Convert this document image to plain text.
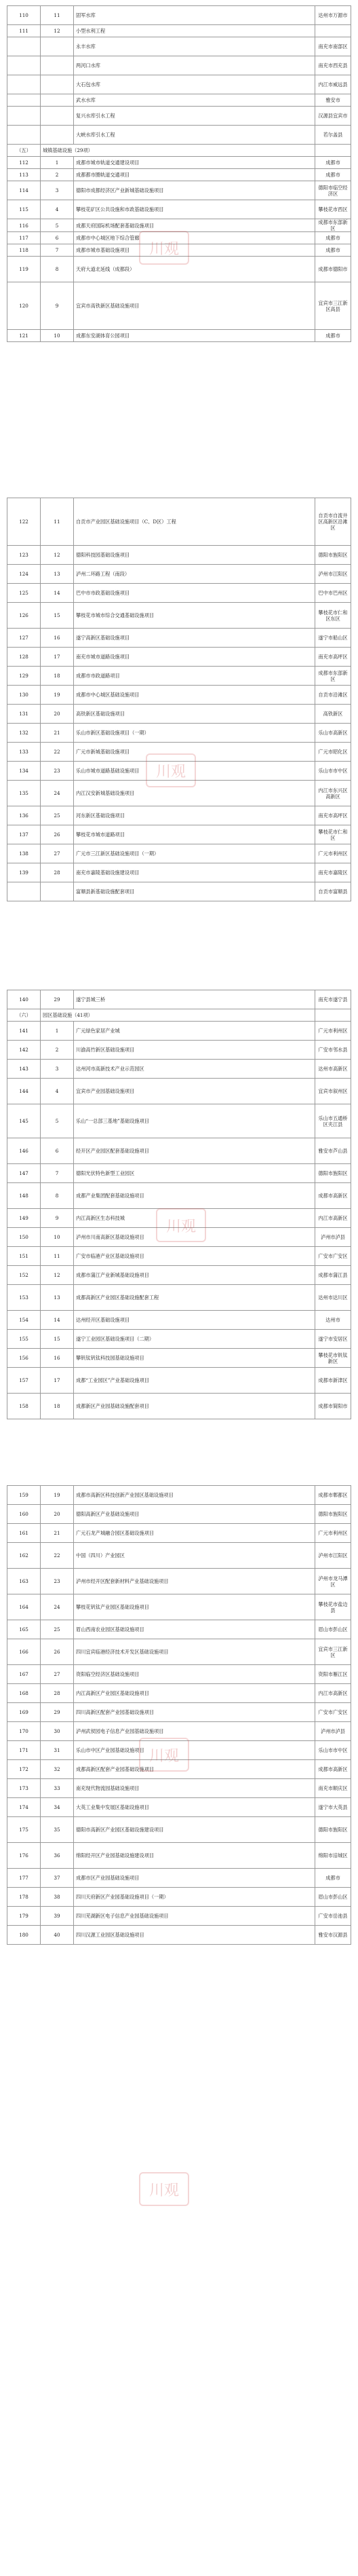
110	11	固军水库	达州市万源市
111	12	小型水利工程	
		永丰水库	南充市南部区
		两河口水库	南充市西充县
		大石包水库	内江市威远县
		武水水库	雅安市
		复兴水库引水工程	汉源县宜宾市
		大峡水库引水工程	若尔盖县
（五）	城镇基础设施（29项）		
112	1	成都市城市轨道交通建设项目	成都市
113	2	成都都市圈轨道交通项目	成都市
114	3	德阳市成都经济区产业新城基础设施项目	德阳市临空经济区
115	4	攀枝花矿区公共设施和市政基础设施项目	攀枝花市西区
116	5	成都天府国际机场配套基础设施项目	成都市东部新区
117	6	成都市中心城区地下综合管廊	成都市
118	7	成都市城市基础设施项目	成都市
119	8	天府大道北延线（成都段）	成都市德阳市
120	9	宜宾市高铁新区基础设施项目	宜宾市三江新区高县
121	10	成都东安湖体育公园项目	成都市
122	11	自贡市产业园区基础设施项目（C、D区）工程	自贡市自流井区高新区沿滩区
123	12	德阳科技园基础设施项目	德阳市旌阳区
124	13	泸州二环路工程（南段）	泸州市江阳区
125	14	巴中市市政基础设施项目	巴中市巴州区
126	15	攀枝花市城市综合交通基础设施项目	攀枝花市仁和区东区
127	16	遂宁高新区基础设施项目	遂宁市船山区
128	17	南充市城市道路设施项目	南充市高坪区
129	18	成都市市政道路项目	成都市东部新区
130	19	成都市中心城区基础设施项目	自贡市沿滩区
131	20	高铁新区基础设施项目	高铁新区
132	21	乐山市新区基础设施项目（一期）	乐山市高新区
133	22	广元市新城基础设施项目	广元市昭化区
134	23	乐山市城市道路基础设施项目	乐山市市中区
135	24	内江汉安新城基础设施项目	内江市东兴区高新区
136	25	河东新区基础设施项目	南充市高坪区
137	26	攀枝花市城市道路项目	攀枝花市仁和区
138	27	广元市三江新区基础设施项目（一期）	广元市利州区
139	28	南充市嘉陵基础设施建设项目	南充市嘉陵区
		富顺县新基础设施配套项目	自贡市富顺县
140	29	遂宁县城三桥	南充市遂宁县
（六）	园区基础设施（41项）		
141	1	广元绿色家居产业城	广元市利州区
142	2	川渝高竹新区基础设施项目	广安市邻水县
143	3	达州河市高新技术产业示范园区	达州市高新区
144	4	宜宾市产业园基础设施项目	宜宾市叙州区
145	5	乐山“一总部三基地”基础设施项目	乐山市五通桥区夹江县
146	6	经开区产业园区配套基础设施项目	雅安市芦山县
147	7	德阳光伏特色新型工业园区	德阳市旌阳区
148	8	成都产业集团配套基础设施项目	成都市高新区
149	9	内江高新区生态科技城	内江市高新区
150	10	泸州市川南高新区基础设施项目	泸州市泸县
151	11	广安市临港产业区基础设施项目	广安市广安区
152	12	成都市蒲江产业新城基础设施项目	成都市蒲江县
153	13	成都高新区产业园区基础设施配套工程	达州市达川区
154	14	达州经开区基础设施项目	达州市
155	15	遂宁工业园区基础设施项目（二期）	遂宁市安居区
156	16	攀钒钛钒钛科技园基础设施项目	攀枝花市钒钛新区
157	17	成都“工业园区”产业基础设施项目	成都市新津区
158	18	成都新区产业园基础设施配套项目	成都市简阳市
159	19	成都市高新区科技创新产业园区基础设施项目	成都市郫都区
160	20	德阳高新区产业基础设施项目	德阳市旌阳区
161	21	广元石龙产城融合园区基础设施项目	广元市利州区
162	22	中国（四川）产业园区	泸州市江阳区
163	23	泸州市经开区配套新材料产业基础设施项目	泸州市龙马潭区
164	24	攀枝花钒钛产业园区基础设施项目	攀枝花市盐边县
165	25	眉山西南农业园区基础设施项目	眉山市彭山区
166	26	四川宜宾临港经济技术开发区基础设施项目	宜宾市三江新区
167	27	资阳临空经济区基础设施项目	资阳市雁江区
168	28	内江高新区产业园区基础设施项目	内江市高新区
169	29	四川高新区配套产业园基础设施项目	广安市广安区
170	30	泸州武侯园电子信息产业园基础设施项目	泸州市泸县
171	31	乐山市中区产业园基础设施项目	乐山市市中区
172	32	成都高新区配套产业园基础设施项目	成都市高新区
173	33	南充现代物流园基础设施项目	南充市顺庆区
174	34	大英工业集中发展区基础设施项目	遂宁市大英县
175	35	德阳市高新区产业园区基础设施建设项目	德阳市旌阳区
176	36	绵阳经开区产业园基础设施建设项目	绵阳市涪城区
177	37	成都市区产业园基础设施项目	成都市
178	38	四川天府新区产业园基础设施项目（一期）	眉山市彭山区
179	39	四川芜湖新区电子信息产业园基础设施项目	广安市岳池县
180	40	四川汉源工业园区基础设施项目	雅安市汉源县
川观
川观
川观
川观
川观
